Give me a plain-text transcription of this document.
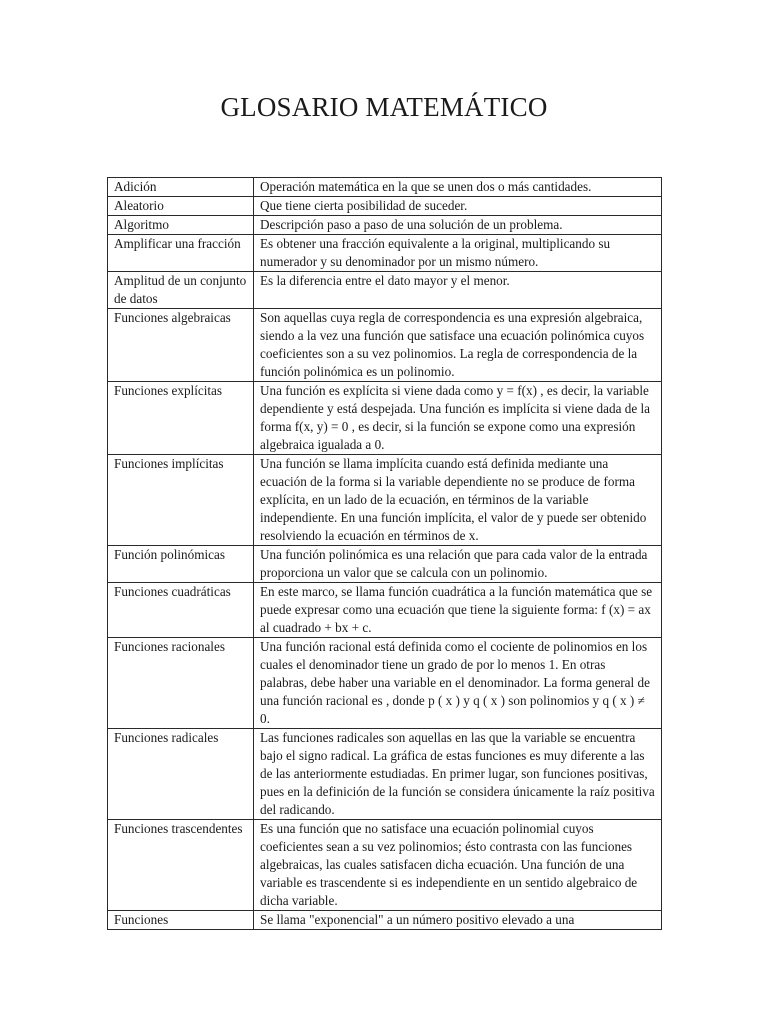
GLOSARIO MATEMÁTICO
Adición	Operación matemática en la que se unen dos o más cantidades.
Aleatorio	Que tiene cierta posibilidad de suceder.
Algoritmo	Descripción paso a paso de una solución de un problema.
Amplificar una fracción	Es obtener una fracción equivalente a la original, multiplicando su numerador y su denominador por un mismo número.
Amplitud de un conjunto de datos	Es la diferencia entre el dato mayor y el menor.
Funciones algebraicas	Son aquellas cuya regla de correspondencia es una expresión algebraica, siendo a la vez una función que satisface una ecuación polinómica cuyos coeficientes son a su vez polinomios. La regla de correspondencia de la función polinómica es un polinomio.
Funciones explícitas	Una función es explícita si viene dada como y = f(x) , es decir, la variable dependiente y está despejada. Una función es implícita si viene dada de la forma f(x, y) = 0 , es decir, si la función se expone como una expresión algebraica igualada a 0.
Funciones implícitas	Una función se llama implícita cuando está definida mediante una ecuación de la forma si la variable dependiente no se produce de forma explícita, en un lado de la ecuación, en términos de la variable independiente. En una función implícita, el valor de y puede ser obtenido resolviendo la ecuación en términos de x.
Función polinómicas	Una función polinómica es una relación que para cada valor de la entrada proporciona un valor que se calcula con un polinomio.
Funciones cuadráticas	En este marco, se llama función cuadrática a la función matemática que se puede expresar como una ecuación que tiene la siguiente forma: f (x) = ax al cuadrado + bx + c.
Funciones racionales	Una función racional está definida como el cociente de polinomios en los cuales el denominador tiene un grado de por lo menos 1. En otras palabras, debe haber una variable en el denominador. La forma general de una función racional es , donde p ( x ) y q ( x ) son polinomios y q ( x ) ≠ 0.
Funciones radicales	Las funciones radicales son aquellas en las que la variable se encuentra bajo el signo radical. La gráfica de estas funciones es muy diferente a las de las anteriormente estudiadas. En primer lugar, son funciones positivas, pues en la definición de la función se considera únicamente la raíz positiva del radicando.
Funciones trascendentes	Es una función que no satisface una ecuación polinomial cuyos coeficientes sean a su vez polinomios; ésto contrasta con las funciones algebraicas, las cuales satisfacen dicha ecuación. Una función de una variable es trascendente si es independiente en un sentido algebraico de dicha variable.
Funciones	Se llama "exponencial" a un número positivo elevado a una
